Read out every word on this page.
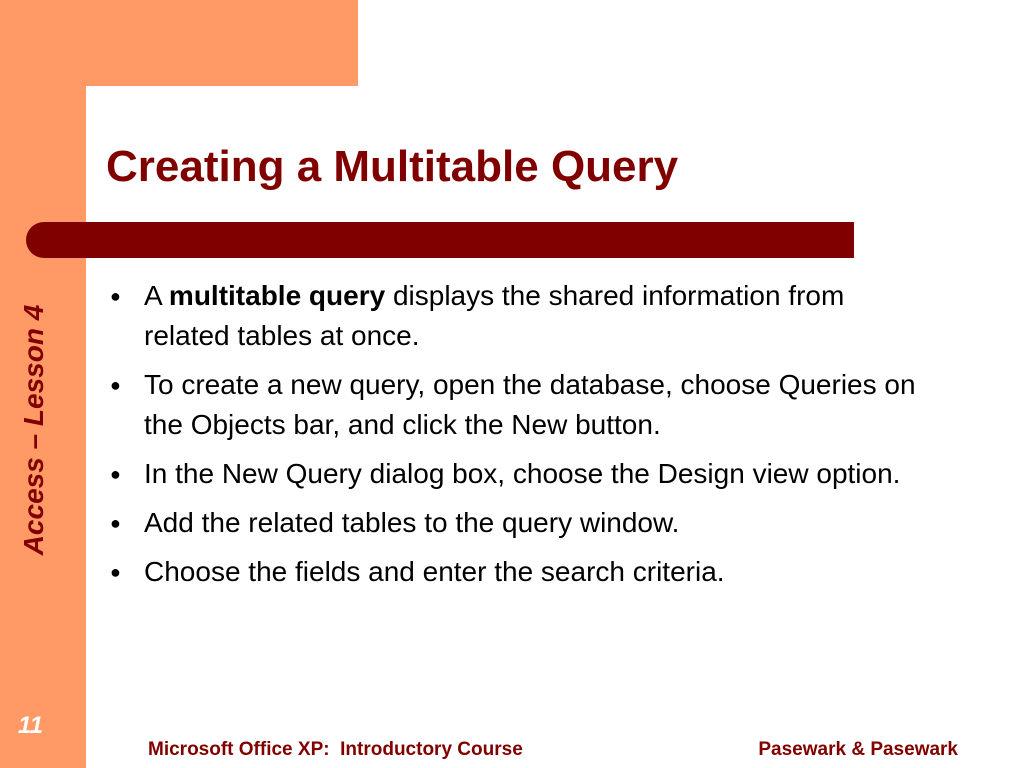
Creating a Multitable Query
Access – Lesson 4
● A multitable query displays the shared information from related tables at once.
● To create a new query, open the database, choose Queries on the Objects bar, and click the New button.
● In the New Query dialog box, choose the Design view option.
● Add the related tables to the query window.
● Choose the fields and enter the search criteria.
11
Microsoft Office XP:  Introductory Course	Pasewark & Pasewark
